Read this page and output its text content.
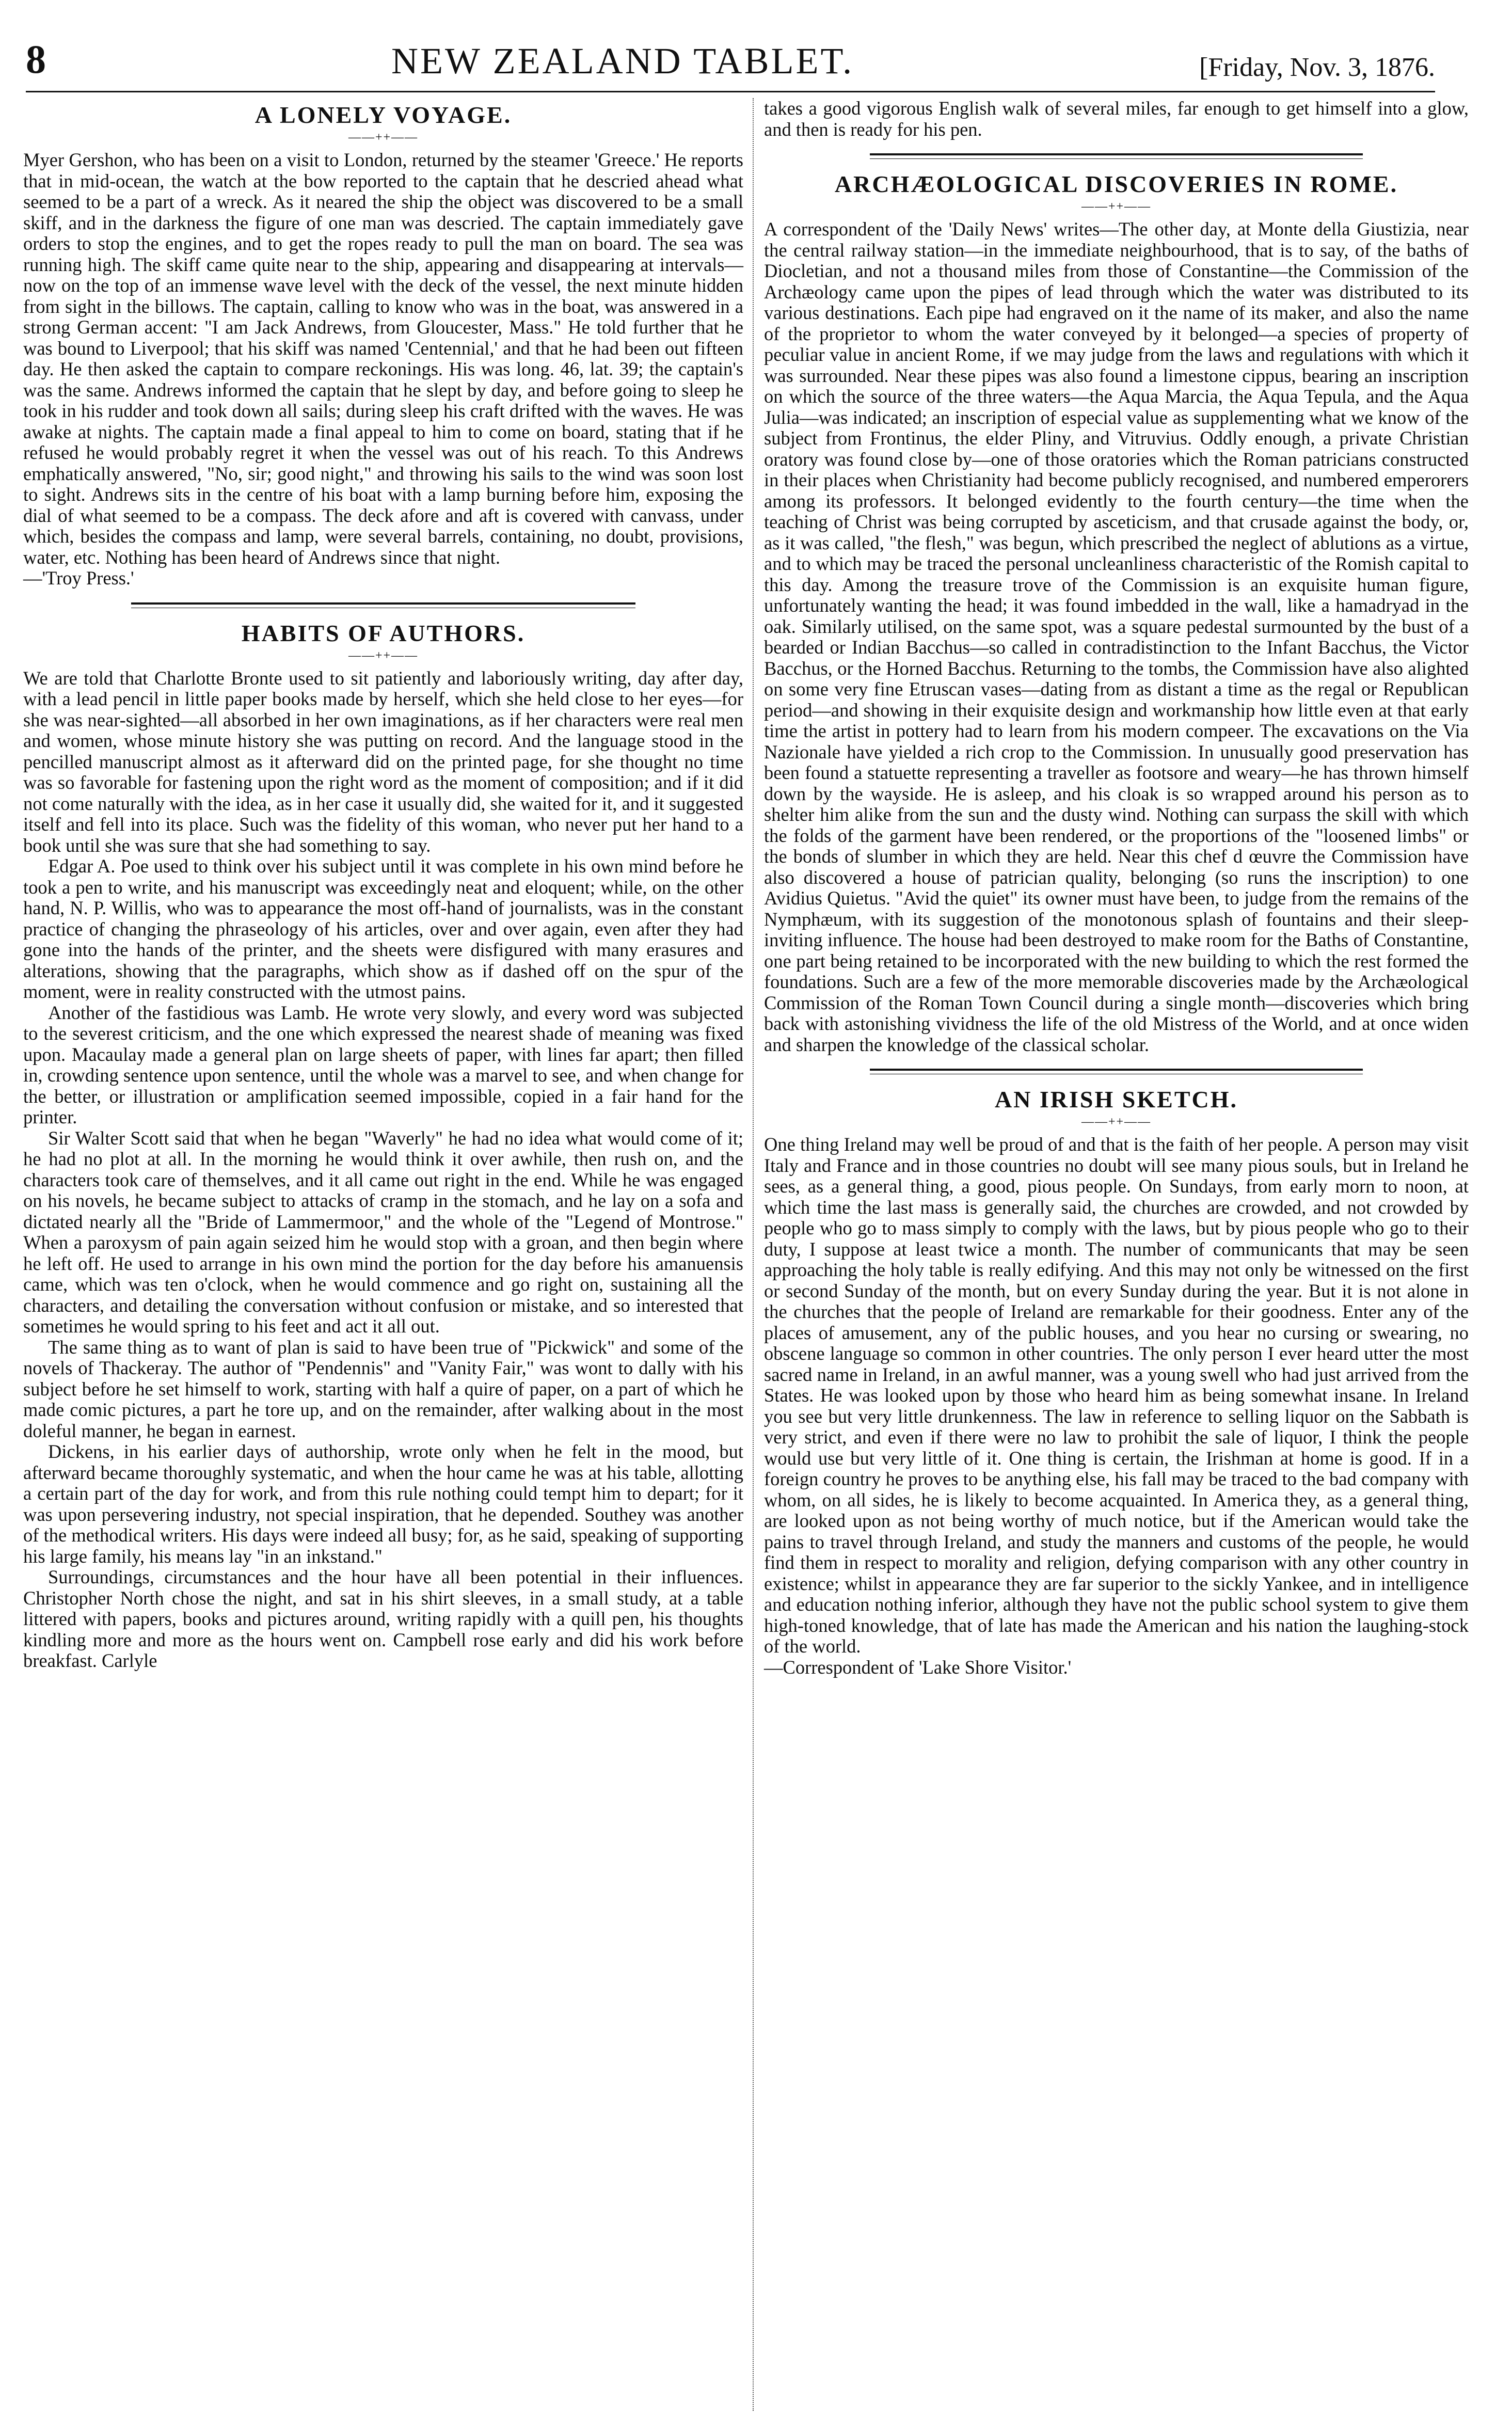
8	NEW ZEALAND TABLET.	[Friday, Nov. 3, 1876.
A LONELY VOYAGE.
——++——

Myer Gershon, who has been on a visit to London, returned by the steamer 'Greece.' He reports that in mid-ocean, the watch at the bow reported to the captain that he descried ahead what seemed to be a part of a wreck. As it neared the ship the object was discovered to be a small skiff, and in the darkness the figure of one man was descried. The captain immediately gave orders to stop the engines, and to get the ropes ready to pull the man on board. The sea was running high. The skiff came quite near to the ship, appearing and disappearing at intervals—now on the top of an immense wave level with the deck of the vessel, the next minute hidden from sight in the billows. The captain, calling to know who was in the boat, was answered in a strong German accent: "I am Jack Andrews, from Gloucester, Mass." He told further that he was bound to Liverpool; that his skiff was named 'Centennial,' and that he had been out fifteen day. He then asked the captain to compare reckonings. His was long. 46, lat. 39; the captain's was the same. Andrews informed the captain that he slept by day, and before going to sleep he took in his rudder and took down all sails; during sleep his craft drifted with the waves. He was awake at nights. The captain made a final appeal to him to come on board, stating that if he refused he would probably regret it when the vessel was out of his reach. To this Andrews emphatically answered, "No, sir; good night," and throwing his sails to the wind was soon lost to sight. Andrews sits in the centre of his boat with a lamp burning before him, exposing the dial of what seemed to be a compass. The deck afore and aft is covered with canvass, under which, besides the compass and lamp, were several barrels, containing, no doubt, provisions, water, etc. Nothing has been heard of Andrews since that night.

—'Troy Press.'

HABITS OF AUTHORS.
——++——

We are told that Charlotte Bronte used to sit patiently and laboriously writing, day after day, with a lead pencil in little paper books made by herself, which she held close to her eyes—for she was near-sighted—all absorbed in her own imaginations, as if her characters were real men and women, whose minute history she was putting on record. And the language stood in the pencilled manuscript almost as it afterward did on the printed page, for she thought no time was so favorable for fastening upon the right word as the moment of composition; and if it did not come naturally with the idea, as in her case it usually did, she waited for it, and it suggested itself and fell into its place. Such was the fidelity of this woman, who never put her hand to a book until she was sure that she had something to say.

Edgar A. Poe used to think over his subject until it was complete in his own mind before he took a pen to write, and his manuscript was exceedingly neat and eloquent; while, on the other hand, N. P. Willis, who was to appearance the most off-hand of journalists, was in the constant practice of changing the phraseology of his articles, over and over again, even after they had gone into the hands of the printer, and the sheets were disfigured with many erasures and alterations, showing that the paragraphs, which show as if dashed off on the spur of the moment, were in reality constructed with the utmost pains.

Another of the fastidious was Lamb. He wrote very slowly, and every word was subjected to the severest criticism, and the one which expressed the nearest shade of meaning was fixed upon. Macaulay made a general plan on large sheets of paper, with lines far apart; then filled in, crowding sentence upon sentence, until the whole was a marvel to see, and when change for the better, or illustration or amplification seemed impossible, copied in a fair hand for the printer.

Sir Walter Scott said that when he began "Waverly" he had no idea what would come of it; he had no plot at all. In the morning he would think it over awhile, then rush on, and the characters took care of themselves, and it all came out right in the end. While he was engaged on his novels, he became subject to attacks of cramp in the stomach, and he lay on a sofa and dictated nearly all the "Bride of Lammermoor," and the whole of the "Legend of Montrose." When a paroxysm of pain again seized him he would stop with a groan, and then begin where he left off. He used to arrange in his own mind the portion for the day before his amanuensis came, which was ten o'clock, when he would commence and go right on, sustaining all the characters, and detailing the conversation without confusion or mistake, and so interested that sometimes he would spring to his feet and act it all out.

The same thing as to want of plan is said to have been true of "Pickwick" and some of the novels of Thackeray. The author of "Pendennis" and "Vanity Fair," was wont to dally with his subject before he set himself to work, starting with half a quire of paper, on a part of which he made comic pictures, a part he tore up, and on the remainder, after walking about in the most doleful manner, he began in earnest.

Dickens, in his earlier days of authorship, wrote only when he felt in the mood, but afterward became thoroughly systematic, and when the hour came he was at his table, allotting a certain part of the day for work, and from this rule nothing could tempt him to depart; for it was upon persevering industry, not special inspiration, that he depended. Southey was another of the methodical writers. His days were indeed all busy; for, as he said, speaking of supporting his large family, his means lay "in an inkstand."

Surroundings, circumstances and the hour have all been potential in their influences. Christopher North chose the night, and sat in his shirt sleeves, in a small study, at a table littered with papers, books and pictures around, writing rapidly with a quill pen, his thoughts kindling more and more as the hours went on. Campbell rose early and did his work before breakfast. Carlyle

takes a good vigorous English walk of several miles, far enough to get himself into a glow, and then is ready for his pen.

ARCHÆOLOGICAL DISCOVERIES IN ROME.
——++——

A correspondent of the 'Daily News' writes—The other day, at Monte della Giustizia, near the central railway station—in the immediate neighbourhood, that is to say, of the baths of Diocletian, and not a thousand miles from those of Constantine—the Commission of the Archæology came upon the pipes of lead through which the water was distributed to its various destinations. Each pipe had engraved on it the name of its maker, and also the name of the proprietor to whom the water conveyed by it belonged—a species of property of peculiar value in ancient Rome, if we may judge from the laws and regulations with which it was surrounded. Near these pipes was also found a limestone cippus, bearing an inscription on which the source of the three waters—the Aqua Marcia, the Aqua Tepula, and the Aqua Julia—was indicated; an inscription of especial value as supplementing what we know of the subject from Frontinus, the elder Pliny, and Vitruvius. Oddly enough, a private Christian oratory was found close by—one of those oratories which the Roman patricians constructed in their places when Christianity had become publicly recognised, and numbered emperorers among its professors. It belonged evidently to the fourth century—the time when the teaching of Christ was being corrupted by asceticism, and that crusade against the body, or, as it was called, "the flesh," was begun, which prescribed the neglect of ablutions as a virtue, and to which may be traced the personal uncleanliness characteristic of the Romish capital to this day. Among the treasure trove of the Commission is an exquisite human figure, unfortunately wanting the head; it was found imbedded in the wall, like a hamadryad in the oak. Similarly utilised, on the same spot, was a square pedestal surmounted by the bust of a bearded or Indian Bacchus—so called in contradistinction to the Infant Bacchus, the Victor Bacchus, or the Horned Bacchus. Returning to the tombs, the Commission have also alighted on some very fine Etruscan vases—dating from as distant a time as the regal or Republican period—and showing in their exquisite design and workmanship how little even at that early time the artist in pottery had to learn from his modern compeer. The excavations on the Via Nazionale have yielded a rich crop to the Commission. In unusually good preservation has been found a statuette representing a traveller as footsore and weary—he has thrown himself down by the wayside. He is asleep, and his cloak is so wrapped around his person as to shelter him alike from the sun and the dusty wind. Nothing can surpass the skill with which the folds of the garment have been rendered, or the proportions of the "loosened limbs" or the bonds of slumber in which they are held. Near this chef d œuvre the Commission have also discovered a house of patrician quality, belonging (so runs the inscription) to one Avidius Quietus. "Avid the quiet" its owner must have been, to judge from the remains of the Nymphæum, with its suggestion of the monotonous splash of fountains and their sleep-inviting influence. The house had been destroyed to make room for the Baths of Constantine, one part being retained to be incorporated with the new building to which the rest formed the foundations. Such are a few of the more memorable discoveries made by the Archæological Commission of the Roman Town Council during a single month—discoveries which bring back with astonishing vividness the life of the old Mistress of the World, and at once widen and sharpen the knowledge of the classical scholar.

AN IRISH SKETCH.
——++——

One thing Ireland may well be proud of and that is the faith of her people. A person may visit Italy and France and in those countries no doubt will see many pious souls, but in Ireland he sees, as a general thing, a good, pious people. On Sundays, from early morn to noon, at which time the last mass is generally said, the churches are crowded, and not crowded by people who go to mass simply to comply with the laws, but by pious people who go to their duty, I suppose at least twice a month. The number of communicants that may be seen approaching the holy table is really edifying. And this may not only be witnessed on the first or second Sunday of the month, but on every Sunday during the year. But it is not alone in the churches that the people of Ireland are remarkable for their goodness. Enter any of the places of amusement, any of the public houses, and you hear no cursing or swearing, no obscene language so common in other countries. The only person I ever heard utter the most sacred name in Ireland, in an awful manner, was a young swell who had just arrived from the States. He was looked upon by those who heard him as being somewhat insane. In Ireland you see but very little drunkenness. The law in reference to selling liquor on the Sabbath is very strict, and even if there were no law to prohibit the sale of liquor, I think the people would use but very little of it. One thing is certain, the Irishman at home is good. If in a foreign country he proves to be anything else, his fall may be traced to the bad company with whom, on all sides, he is likely to become acquainted. In America they, as a general thing, are looked upon as not being worthy of much notice, but if the American would take the pains to travel through Ireland, and study the manners and customs of the people, he would find them in respect to morality and religion, defying comparison with any other country in existence; whilst in appearance they are far superior to the sickly Yankee, and in intelligence and education nothing inferior, although they have not the public school system to give them high-toned knowledge, that of late has made the American and his nation the laughing-stock of the world.

—Correspondent of 'Lake Shore Visitor.'
